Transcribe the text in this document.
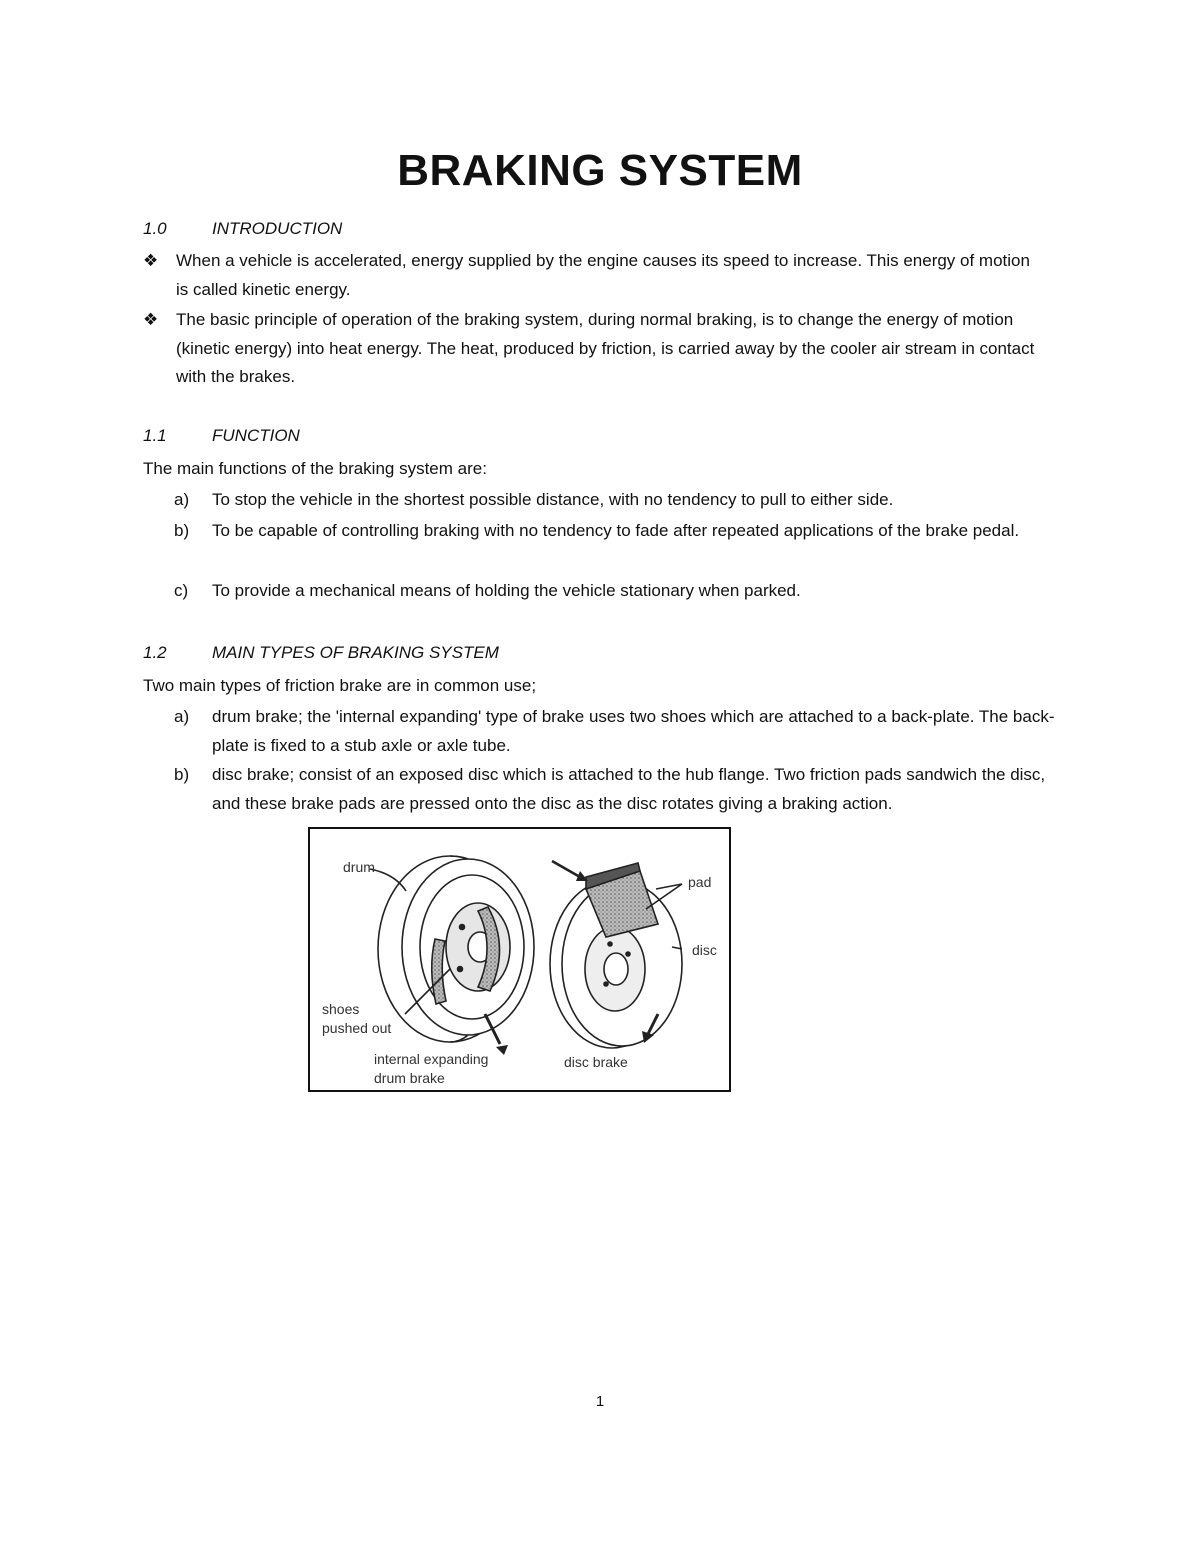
BRAKING SYSTEM
1.0	INTRODUCTION
❖ When a vehicle is accelerated, energy supplied by the engine causes its speed to increase. This energy of motion is called kinetic energy.
❖ The basic principle of operation of the braking system, during normal braking, is to change the energy of motion (kinetic energy) into heat energy. The heat, produced by friction, is carried away by the cooler air stream in contact with the brakes.
1.1	FUNCTION
The main functions of the braking system are:
a) To stop the vehicle in the shortest possible distance, with no tendency to pull to either side.
b) To be capable of controlling braking with no tendency to fade after repeated applications of the brake pedal.
c) To provide a mechanical means of holding the vehicle stationary when parked.
1.2	MAIN TYPES OF BRAKING SYSTEM
Two main types of friction brake are in common use;
a) drum brake; the 'internal expanding' type of brake uses two shoes which are attached to a back-plate. The back-plate is fixed to a stub axle or axle tube.
b) disc brake; consist of an exposed disc which is attached to the hub flange. Two friction pads sandwich the disc, and these brake pads are pressed onto the disc as the disc rotates giving a braking action.
drum
shoes
pushed out
internal expanding
drum brake
pad
disc
disc brake
1
